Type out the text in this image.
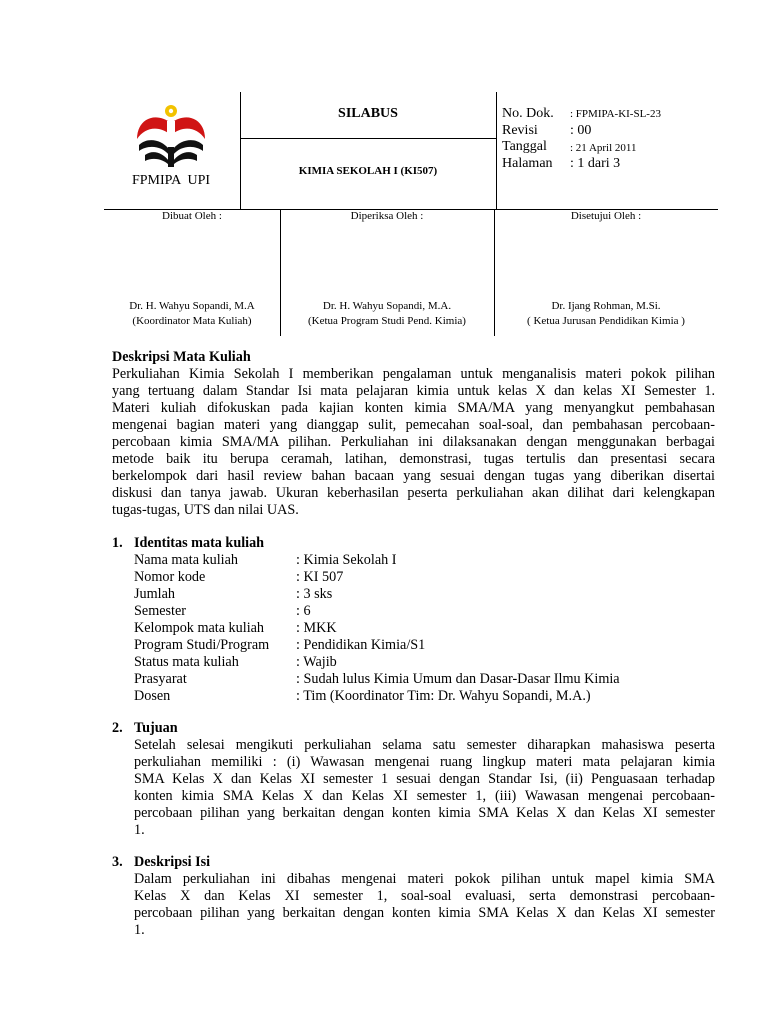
FPMIPA  UPI
SILABUS
KIMIA SEKOLAH I (KI507)
No. Dok.	: FPMIPA-KI-SL-23
Revisi	: 00
Tanggal	: 21 April 2011
Halaman	: 1 dari 3
Dibuat Oleh :	Diperiksa Oleh :	Disetujui Oleh :
Dr. H. Wahyu Sopandi, M.A
(Koordinator Mata Kuliah)
Dr. H. Wahyu Sopandi, M.A.
(Ketua Program Studi Pend. Kimia)
Dr. Ijang Rohman, M.Si.
( Ketua Jurusan Pendidikan Kimia )
Deskripsi Mata Kuliah
Perkuliahan Kimia Sekolah I memberikan pengalaman untuk menganalisis materi pokok pilihan
yang tertuang dalam Standar Isi mata pelajaran kimia untuk kelas X dan kelas XI Semester 1.
Materi kuliah difokuskan pada kajian konten kimia SMA/MA yang menyangkut pembahasan
mengenai bagian materi yang dianggap sulit, pemecahan soal-soal, dan pembahasan percobaan-
percobaan kimia SMA/MA pilihan. Perkuliahan ini dilaksanakan dengan menggunakan berbagai
metode baik itu berupa ceramah, latihan, demonstrasi, tugas tertulis dan presentasi secara
berkelompok dari hasil review bahan bacaan yang sesuai dengan tugas yang diberikan disertai
diskusi dan tanya jawab. Ukuran keberhasilan peserta perkuliahan akan dilihat dari kelengkapan
tugas-tugas, UTS dan nilai UAS.
1. Identitas mata kuliah
Nama mata kuliah	: Kimia Sekolah I
Nomor kode	: KI 507
Jumlah	: 3 sks
Semester	: 6
Kelompok mata kuliah	: MKK
Program Studi/Program	: Pendidikan Kimia/S1
Status mata kuliah	: Wajib
Prasyarat	: Sudah lulus Kimia Umum dan Dasar-Dasar Ilmu Kimia
Dosen	: Tim (Koordinator Tim: Dr. Wahyu Sopandi, M.A.)
2. Tujuan
Setelah selesai mengikuti perkuliahan selama satu semester diharapkan mahasiswa peserta
perkuliahan memiliki : (i) Wawasan mengenai ruang lingkup materi mata pelajaran kimia
SMA Kelas X dan Kelas XI semester 1 sesuai dengan Standar Isi, (ii) Penguasaan terhadap
konten kimia SMA Kelas X dan Kelas XI semester 1, (iii) Wawasan mengenai percobaan-
percobaan pilihan yang berkaitan dengan konten kimia SMA Kelas X dan Kelas XI semester
1.
3. Deskripsi Isi
Dalam perkuliahan ini dibahas mengenai materi pokok pilihan untuk mapel kimia SMA
Kelas X dan Kelas XI semester 1, soal-soal evaluasi, serta demonstrasi percobaan-
percobaan pilihan yang berkaitan dengan konten kimia SMA Kelas X dan Kelas XI semester
1.
